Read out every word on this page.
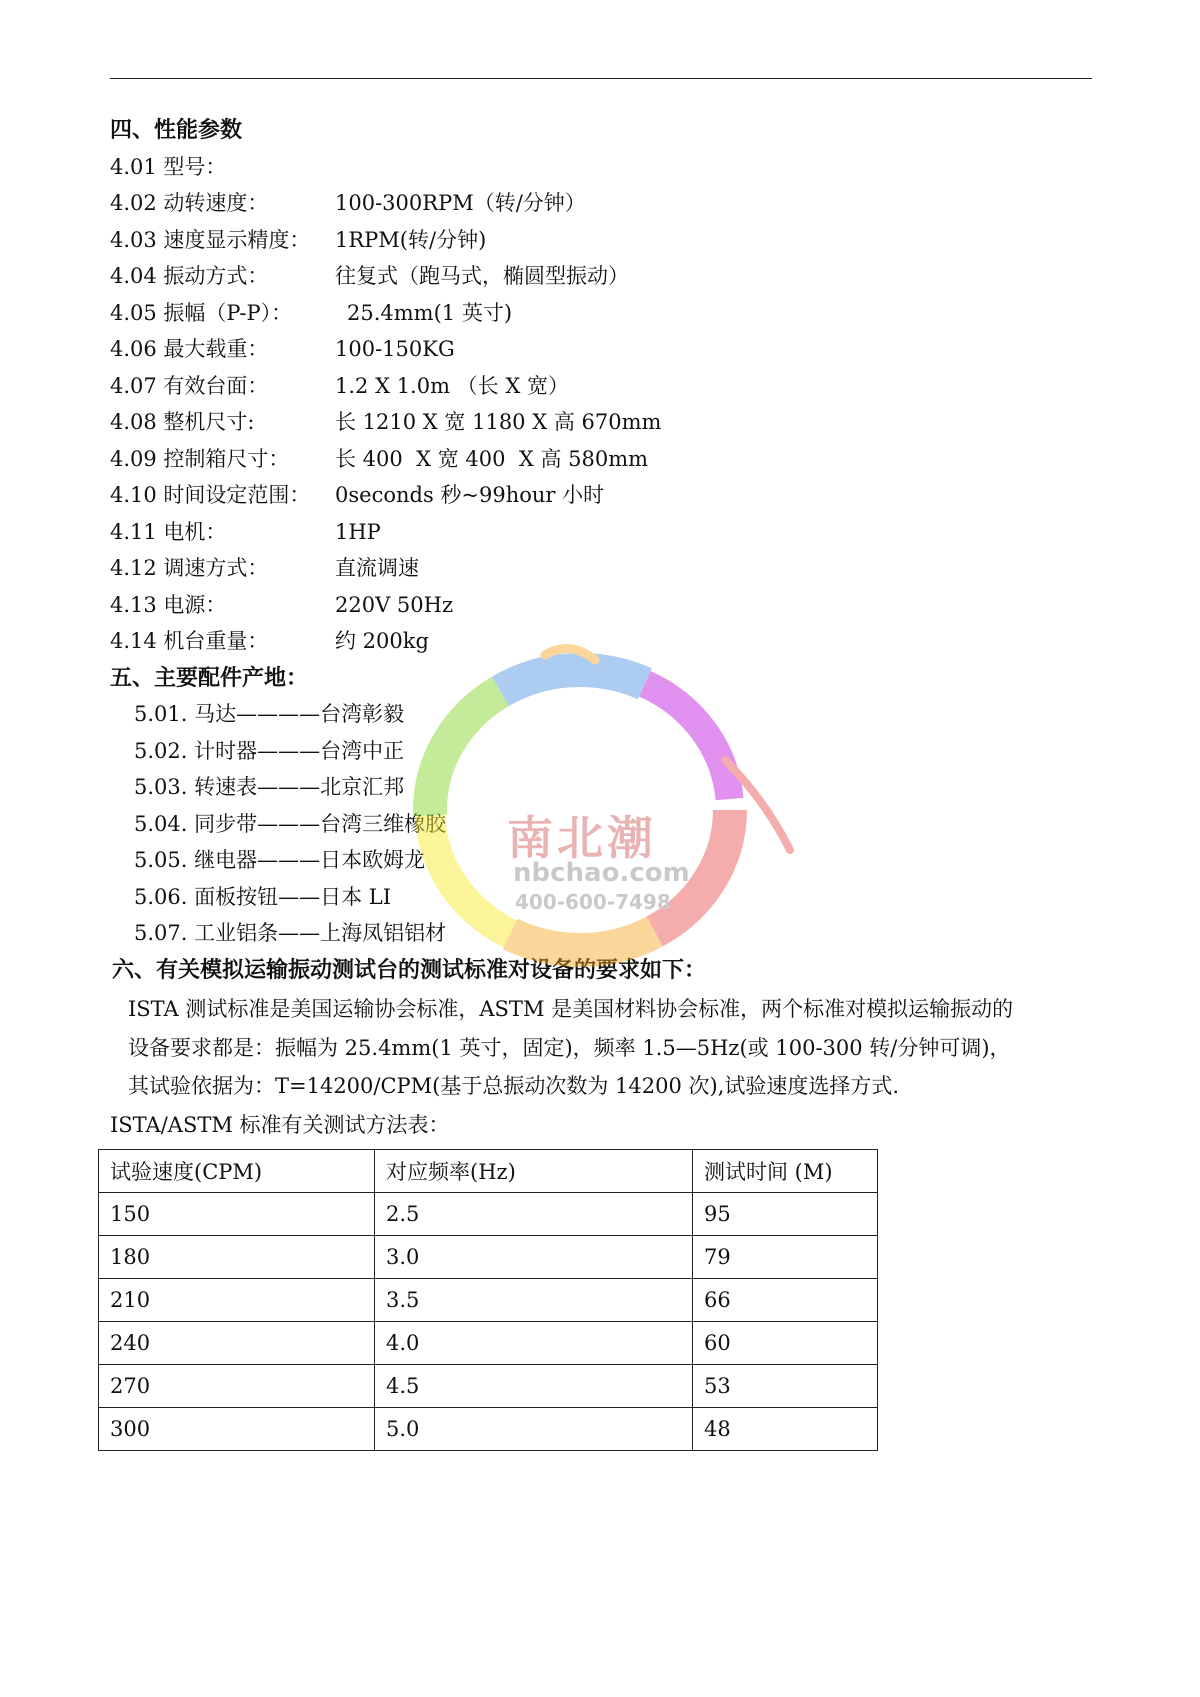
四、性能参数
4.01 型号：
4.02 动转速度：	100-300RPM（转/分钟）
4.03 速度显示精度：	1RPM(转/分钟)
4.04 振动方式：	往复式（跑马式，椭圆型振动）
4.05 振幅（P-P）：	25.4mm(1 英寸)
4.06 最大载重：	100-150KG
4.07 有效台面：	1.2 X 1.0m （长 X 宽）
4.08 整机尺寸:	长 1210 X 宽 1180 X 高 670mm
4.09 控制箱尺寸：	长 400  X 宽 400  X 高 580mm
4.10 时间设定范围：	0seconds 秒~99hour 小时
4.11 电机：	1HP
4.12 调速方式：	直流调速
4.13 电源：	220V 50Hz
4.14 机台重量：	约 200kg
五、主要配件产地：
5.01. 马达————台湾彰毅
5.02. 计时器———台湾中正
5.03. 转速表———北京汇邦
5.04. 同步带———台湾三维橡胶
5.05. 继电器———日本欧姆龙
5.06. 面板按钮——日本 LI
5.07. 工业铝条——上海凤铝铝材
六、有关模拟运输振动测试台的测试标准对设备的要求如下：
ISTA 测试标准是美国运输协会标准，ASTM 是美国材料协会标准，两个标准对模拟运输振动的
设备要求都是：振幅为 25.4mm(1 英寸，固定)，频率 1.5—5Hz(或 100-300 转/分钟可调)，
其试验依据为：T=14200/CPM(基于总振动次数为 14200 次),试验速度选择方式.
ISTA/ASTM 标准有关测试方法表：
试验速度(CPM)	对应频率(Hz)	测试时间 (M)
150	2.5	95
180	3.0	79
210	3.5	66
240	4.0	60
270	4.5	53
300	5.0	48
南北潮
nbchao.com
400-600-7498
